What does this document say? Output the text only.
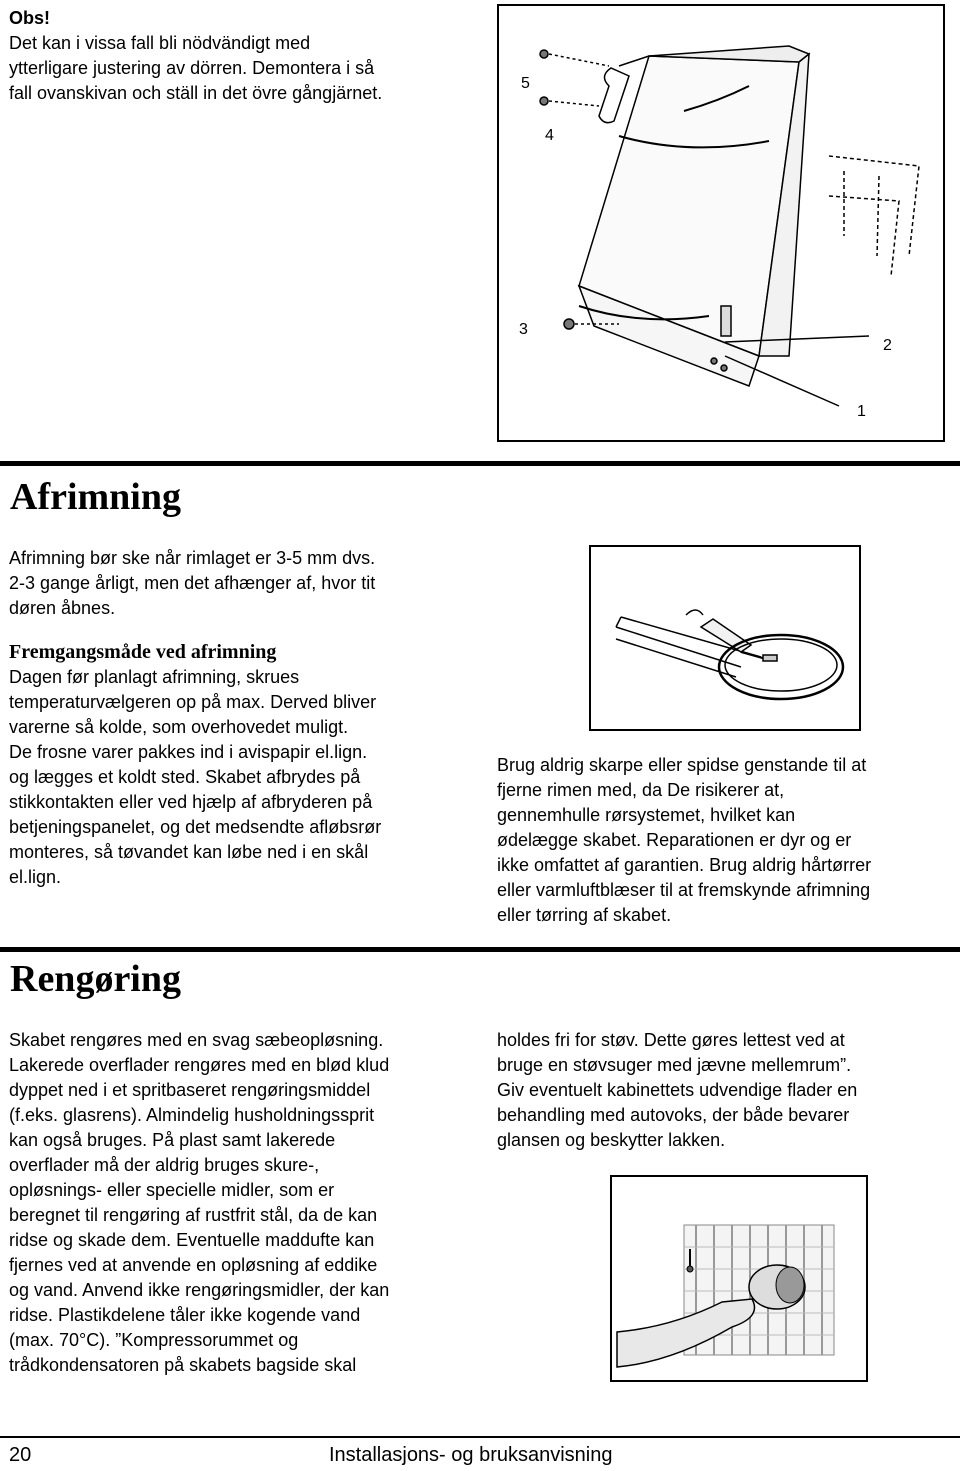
Obs!

Det kan i vissa fall bli nödvändigt med

ytterligare justering av dörren. Demontera i så

fall ovanskivan och ställ in det övre gångjärnet.	5
4
3
2
1
Afrimning

Afrimning bør ske når rimlaget er 3-5 mm dvs.

2-3 gange årligt, men det afhænger af, hvor tit

døren åbnes.

Fremgangsmåde ved afrimning

Dagen før planlagt afrimning, skrues

temperaturvælgeren op på max. Derved bliver

varerne så kolde, som overhovedet muligt.

De frosne varer pakkes ind i avispapir el.lign.

og lægges et koldt sted. Skabet afbrydes på

stikkontakten eller ved hjælp af afbryderen på

betjeningspanelet, og det medsendte afløbsrør

monteres, så tøvandet kan løbe ned i en skål

el.lign.

Brug aldrig skarpe eller spidse genstande til at

fjerne rimen med, da De risikerer at,

gennemhulle rørsystemet, hvilket kan

ødelægge skabet. Reparationen er dyr og er

ikke omfattet af garantien. Brug aldrig hårtørrer

eller varmluftblæser til at fremskynde afrimning

eller tørring af skabet.

Rengøring

Skabet rengøres med en svag sæbeopløsning.

Lakerede overflader rengøres med en blød klud

dyppet ned i et spritbaseret rengøringsmiddel

(f.eks. glasrens). Almindelig husholdningssprit

kan også bruges. På plast samt lakerede

overflader må der aldrig bruges skure-,

opløsnings- eller specielle midler, som er

beregnet til rengøring af rustfrit stål, da de kan

ridse og skade dem. Eventuelle maddufte kan

fjernes ved at anvende en opløsning af eddike

og vand. Anvend ikke rengøringsmidler, der kan

ridse. Plastikdelene tåler ikke kogende vand

(max. 70°C). ”Kompressorummet og

trådkondensatoren på skabets bagside skal

holdes fri for støv. Dette gøres lettest ved at

bruge en støvsuger med jævne mellemrum”.

Giv eventuelt kabinettets udvendige flader en

behandling med autovoks, der både bevarer

glansen og beskytter lakken.

20	Installasjons- og bruksanvisning
